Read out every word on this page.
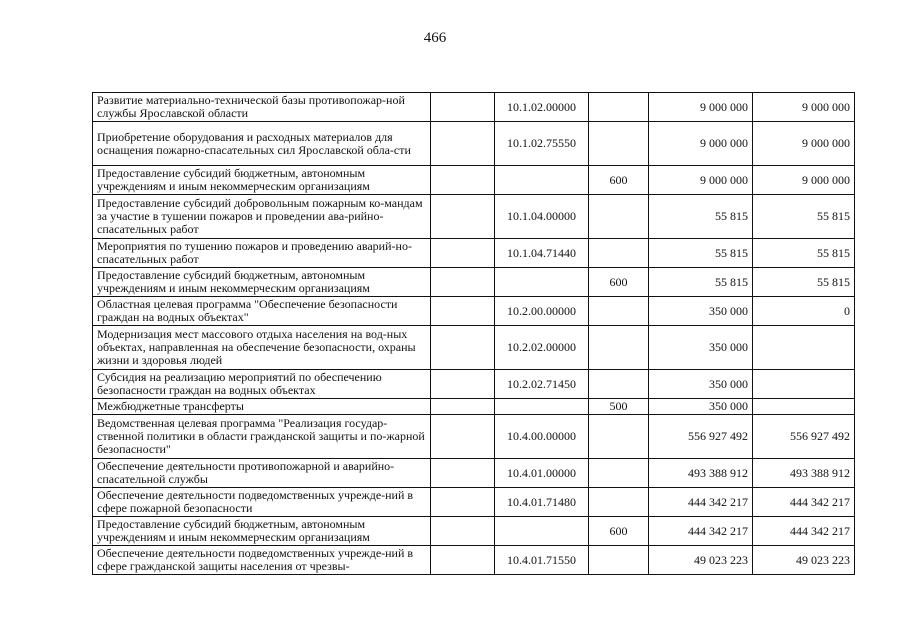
466
Развитие материально-технической базы противопожар-ной службы Ярославской области		10.1.02.00000		9 000 000	9 000 000
Приобретение оборудования и расходных материалов для оснащения пожарно-спасательных сил Ярославской обла-сти		10.1.02.75550		9 000 000	9 000 000
Предоставление субсидий бюджетным, автономным учреждениям и иным некоммерческим организациям			600	9 000 000	9 000 000
Предоставление субсидий добровольным пожарным ко-мандам за участие в тушении пожаров и проведении ава-рийно-спасательных работ		10.1.04.00000		55 815	55 815
Мероприятия по тушению пожаров и проведению аварий-но-спасательных работ		10.1.04.71440		55 815	55 815
Предоставление субсидий бюджетным, автономным учреждениям и иным некоммерческим организациям			600	55 815	55 815
Областная целевая программа "Обеспечение безопасности граждан на водных объектах"		10.2.00.00000		350 000	0
Модернизация мест массового отдыха населения на вод-ных объектах, направленная на обеспечение безопасности, охраны жизни и здоровья людей		10.2.02.00000		350 000	
Субсидия на реализацию мероприятий по обеспечению безопасности граждан на водных объектах		10.2.02.71450		350 000	
Межбюджетные трансферты			500	350 000	
Ведомственная целевая программа "Реализация государ-ственной политики в области гражданской защиты и по-жарной безопасности"		10.4.00.00000		556 927 492	556 927 492
Обеспечение деятельности противопожарной и аварийно-спасательной службы		10.4.01.00000		493 388 912	493 388 912
Обеспечение деятельности подведомственных учрежде-ний в сфере пожарной безопасности		10.4.01.71480		444 342 217	444 342 217
Предоставление субсидий бюджетным, автономным учреждениям и иным некоммерческим организациям			600	444 342 217	444 342 217
Обеспечение деятельности подведомственных учрежде-ний в сфере гражданской защиты населения от чрезвы-		10.4.01.71550		49 023 223	49 023 223
